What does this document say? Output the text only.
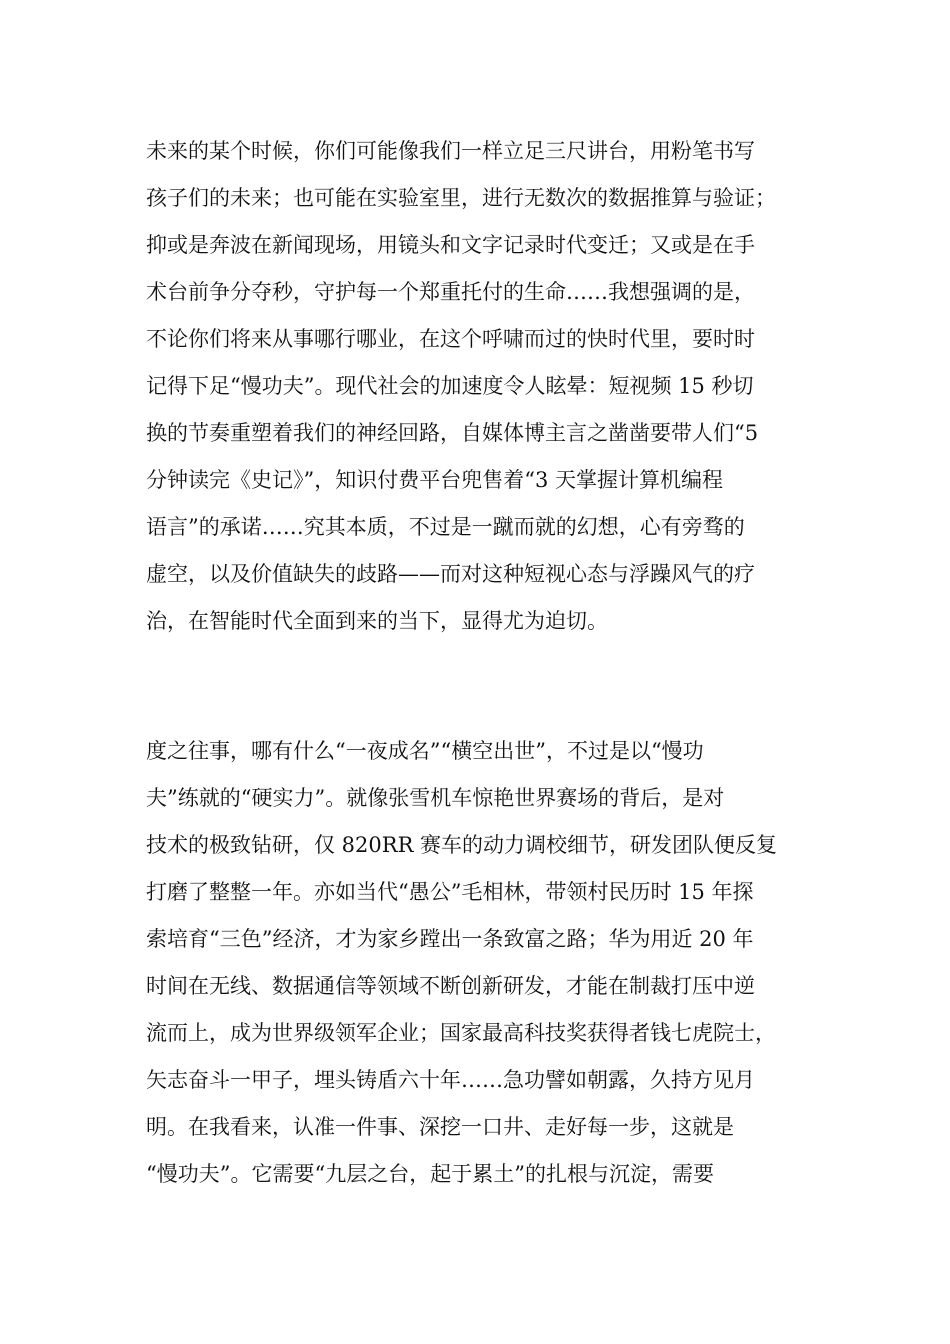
未来的某个时候，你们可能像我们一样立足三尺讲台，用粉笔书写
孩子们的未来；也可能在实验室里，进行无数次的数据推算与验证；
抑或是奔波在新闻现场，用镜头和文字记录时代变迁；又或是在手
术台前争分夺秒，守护每一个郑重托付的生命……我想强调的是，
不论你们将来从事哪行哪业，在这个呼啸而过的快时代里，要时时
记得下足“慢功夫”。现代社会的加速度令人眩晕：短视频 15 秒切
换的节奏重塑着我们的神经回路，自媒体博主言之凿凿要带人们“5
分钟读完《史记》”，知识付费平台兜售着“3 天掌握计算机编程
语言”的承诺……究其本质，不过是一蹴而就的幻想，心有旁骛的
虚空，以及价值缺失的歧路——而对这种短视心态与浮躁风气的疗
治，在智能时代全面到来的当下，显得尤为迫切。
度之往事，哪有什么“一夜成名”“横空出世”，不过是以“慢功
夫”练就的“硬实力”。就像张雪机车惊艳世界赛场的背后，是对
技术的极致钻研，仅 820RR 赛车的动力调校细节，研发团队便反复
打磨了整整一年。亦如当代“愚公”毛相林，带领村民历时 15 年探
索培育“三色”经济，才为家乡蹚出一条致富之路；华为用近 20 年
时间在无线、数据通信等领域不断创新研发，才能在制裁打压中逆
流而上，成为世界级领军企业；国家最高科技奖获得者钱七虎院士，
矢志奋斗一甲子，埋头铸盾六十年……急功譬如朝露，久持方见月
明。在我看来，认准一件事、深挖一口井、走好每一步，这就是
“慢功夫”。它需要“九层之台，起于累土”的扎根与沉淀，需要
